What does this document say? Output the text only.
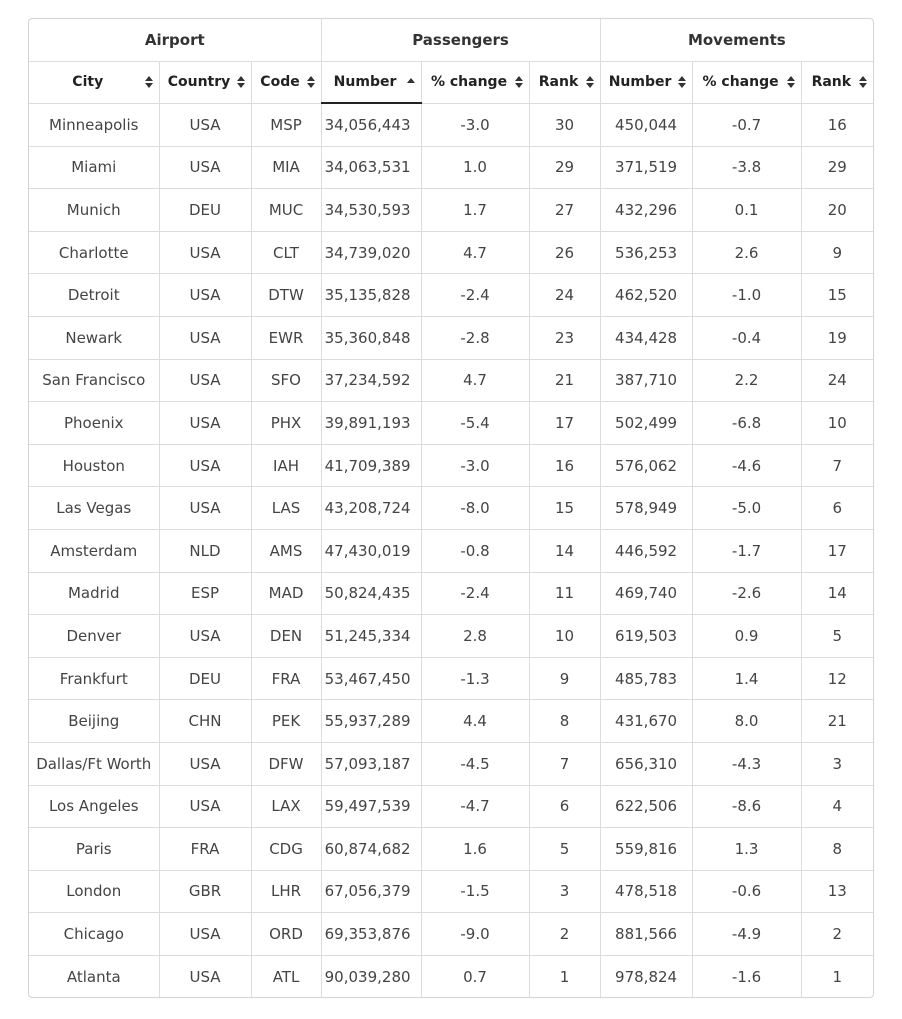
Airport			Passengers			Movements		

City	Country	Code	Number	% change	Rank	Number	% change	Rank

Minneapolis	USA	MSP	34,056,443	-3.0	30	450,044	-0.7	16
Miami	USA	MIA	34,063,531	1.0	29	371,519	-3.8	29
Munich	DEU	MUC	34,530,593	1.7	27	432,296	0.1	20
Charlotte	USA	CLT	34,739,020	4.7	26	536,253	2.6	9
Detroit	USA	DTW	35,135,828	-2.4	24	462,520	-1.0	15
Newark	USA	EWR	35,360,848	-2.8	23	434,428	-0.4	19
San Francisco	USA	SFO	37,234,592	4.7	21	387,710	2.2	24
Phoenix	USA	PHX	39,891,193	-5.4	17	502,499	-6.8	10
Houston	USA	IAH	41,709,389	-3.0	16	576,062	-4.6	7
Las Vegas	USA	LAS	43,208,724	-8.0	15	578,949	-5.0	6
Amsterdam	NLD	AMS	47,430,019	-0.8	14	446,592	-1.7	17
Madrid	ESP	MAD	50,824,435	-2.4	11	469,740	-2.6	14
Denver	USA	DEN	51,245,334	2.8	10	619,503	0.9	5
Frankfurt	DEU	FRA	53,467,450	-1.3	9	485,783	1.4	12
Beijing	CHN	PEK	55,937,289	4.4	8	431,670	8.0	21
Dallas/Ft Worth	USA	DFW	57,093,187	-4.5	7	656,310	-4.3	3
Los Angeles	USA	LAX	59,497,539	-4.7	6	622,506	-8.6	4
Paris	FRA	CDG	60,874,682	1.6	5	559,816	1.3	8
London	GBR	LHR	67,056,379	-1.5	3	478,518	-0.6	13
Chicago	USA	ORD	69,353,876	-9.0	2	881,566	-4.9	2
Atlanta	USA	ATL	90,039,280	0.7	1	978,824	-1.6	1
